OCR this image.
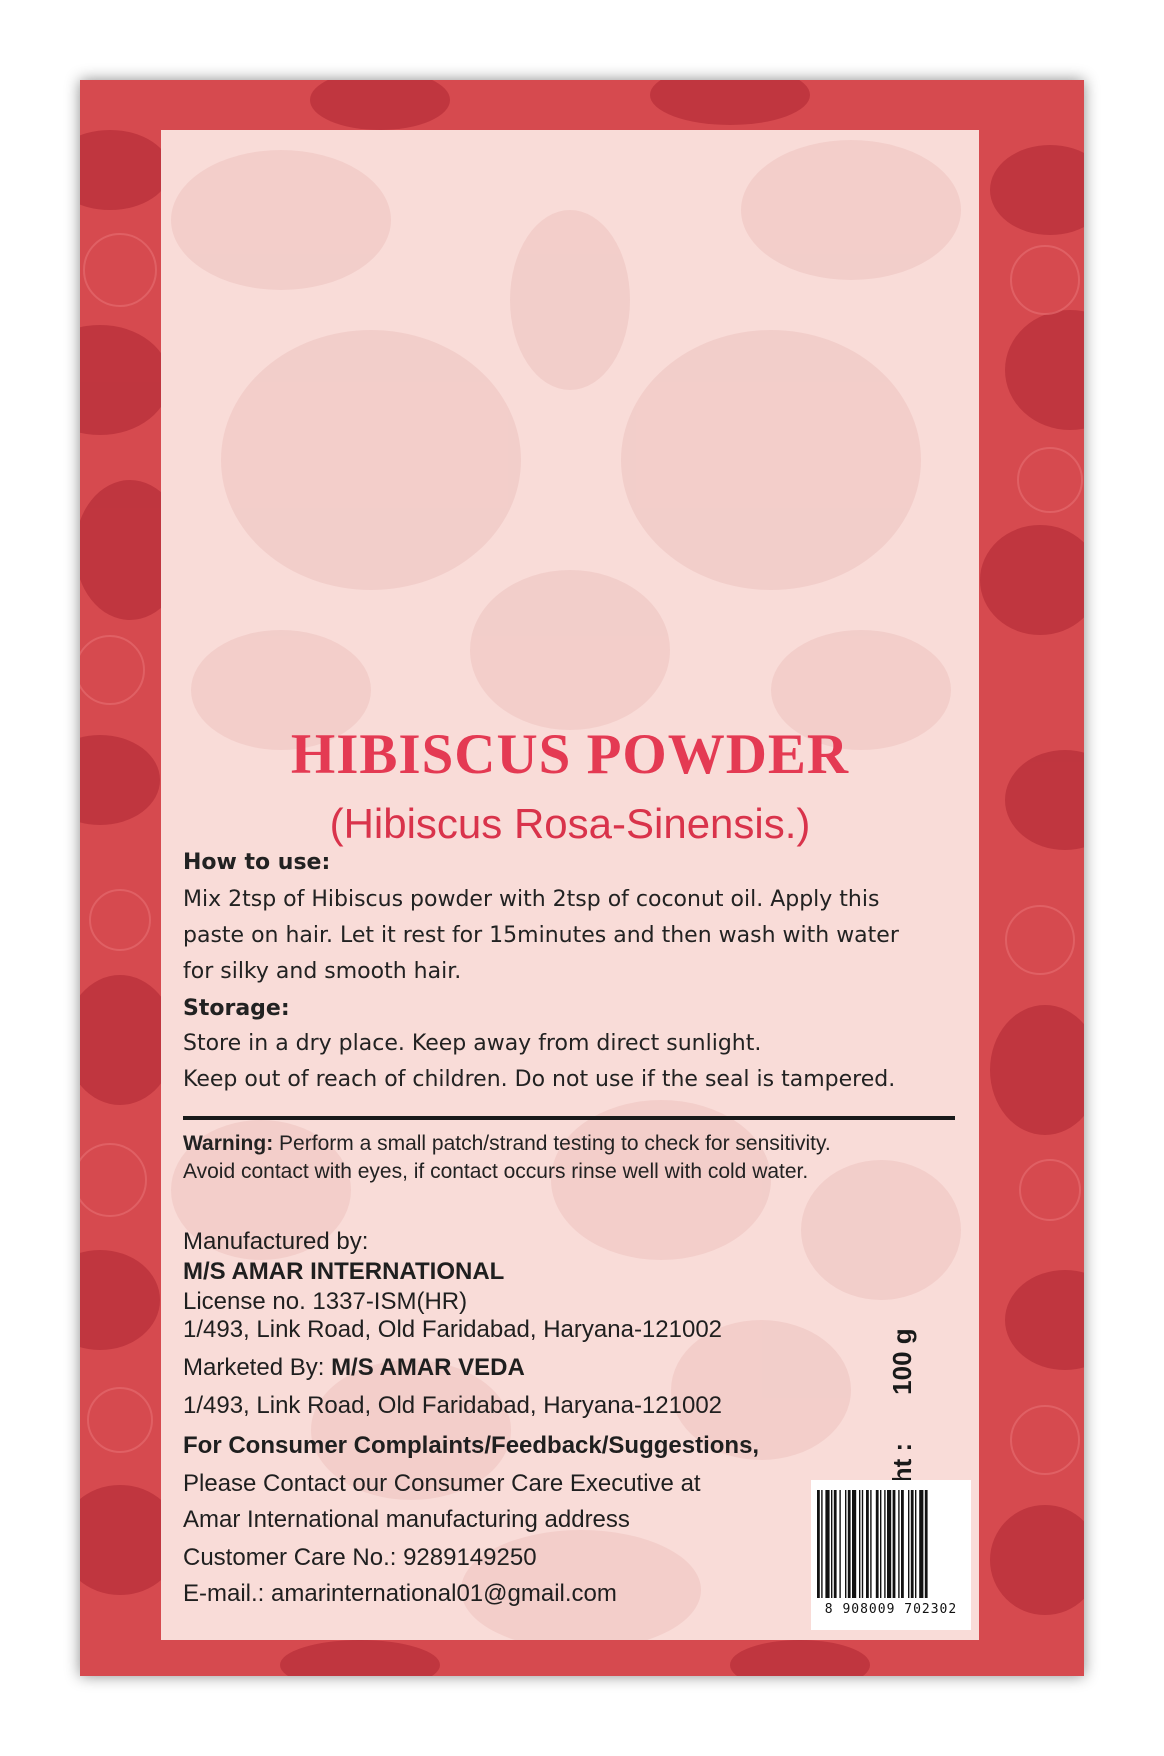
HIBISCUS POWDER
(Hibiscus Rosa-Sinensis.)
How to use:
Mix 2tsp of Hibiscus powder with 2tsp of coconut oil. Apply this
paste on hair. Let it rest for 15minutes and then wash with water
for silky and smooth hair.
Storage:
Store in a dry place. Keep away from direct sunlight.
Keep out of reach of children. Do not use if the seal is tampered.
Warning: Perform a small patch/strand testing to check for sensitivity.
Avoid contact with eyes, if contact occurs rinse well with cold water.
Manufactured by:
M/S AMAR INTERNATIONAL
License no. 1337-ISM(HR)
1/493, Link Road, Old Faridabad, Haryana-121002
Marketed By: M/S AMAR VEDA
1/493, Link Road, Old Faridabad, Haryana-121002
For Consumer Complaints/Feedback/Suggestions,
Please Contact our Consumer Care Executive at
Amar International manufacturing address
Customer Care No.: 9289149250
E-mail.: amarinternational01@gmail.com
:100 g
8 908009 702302
